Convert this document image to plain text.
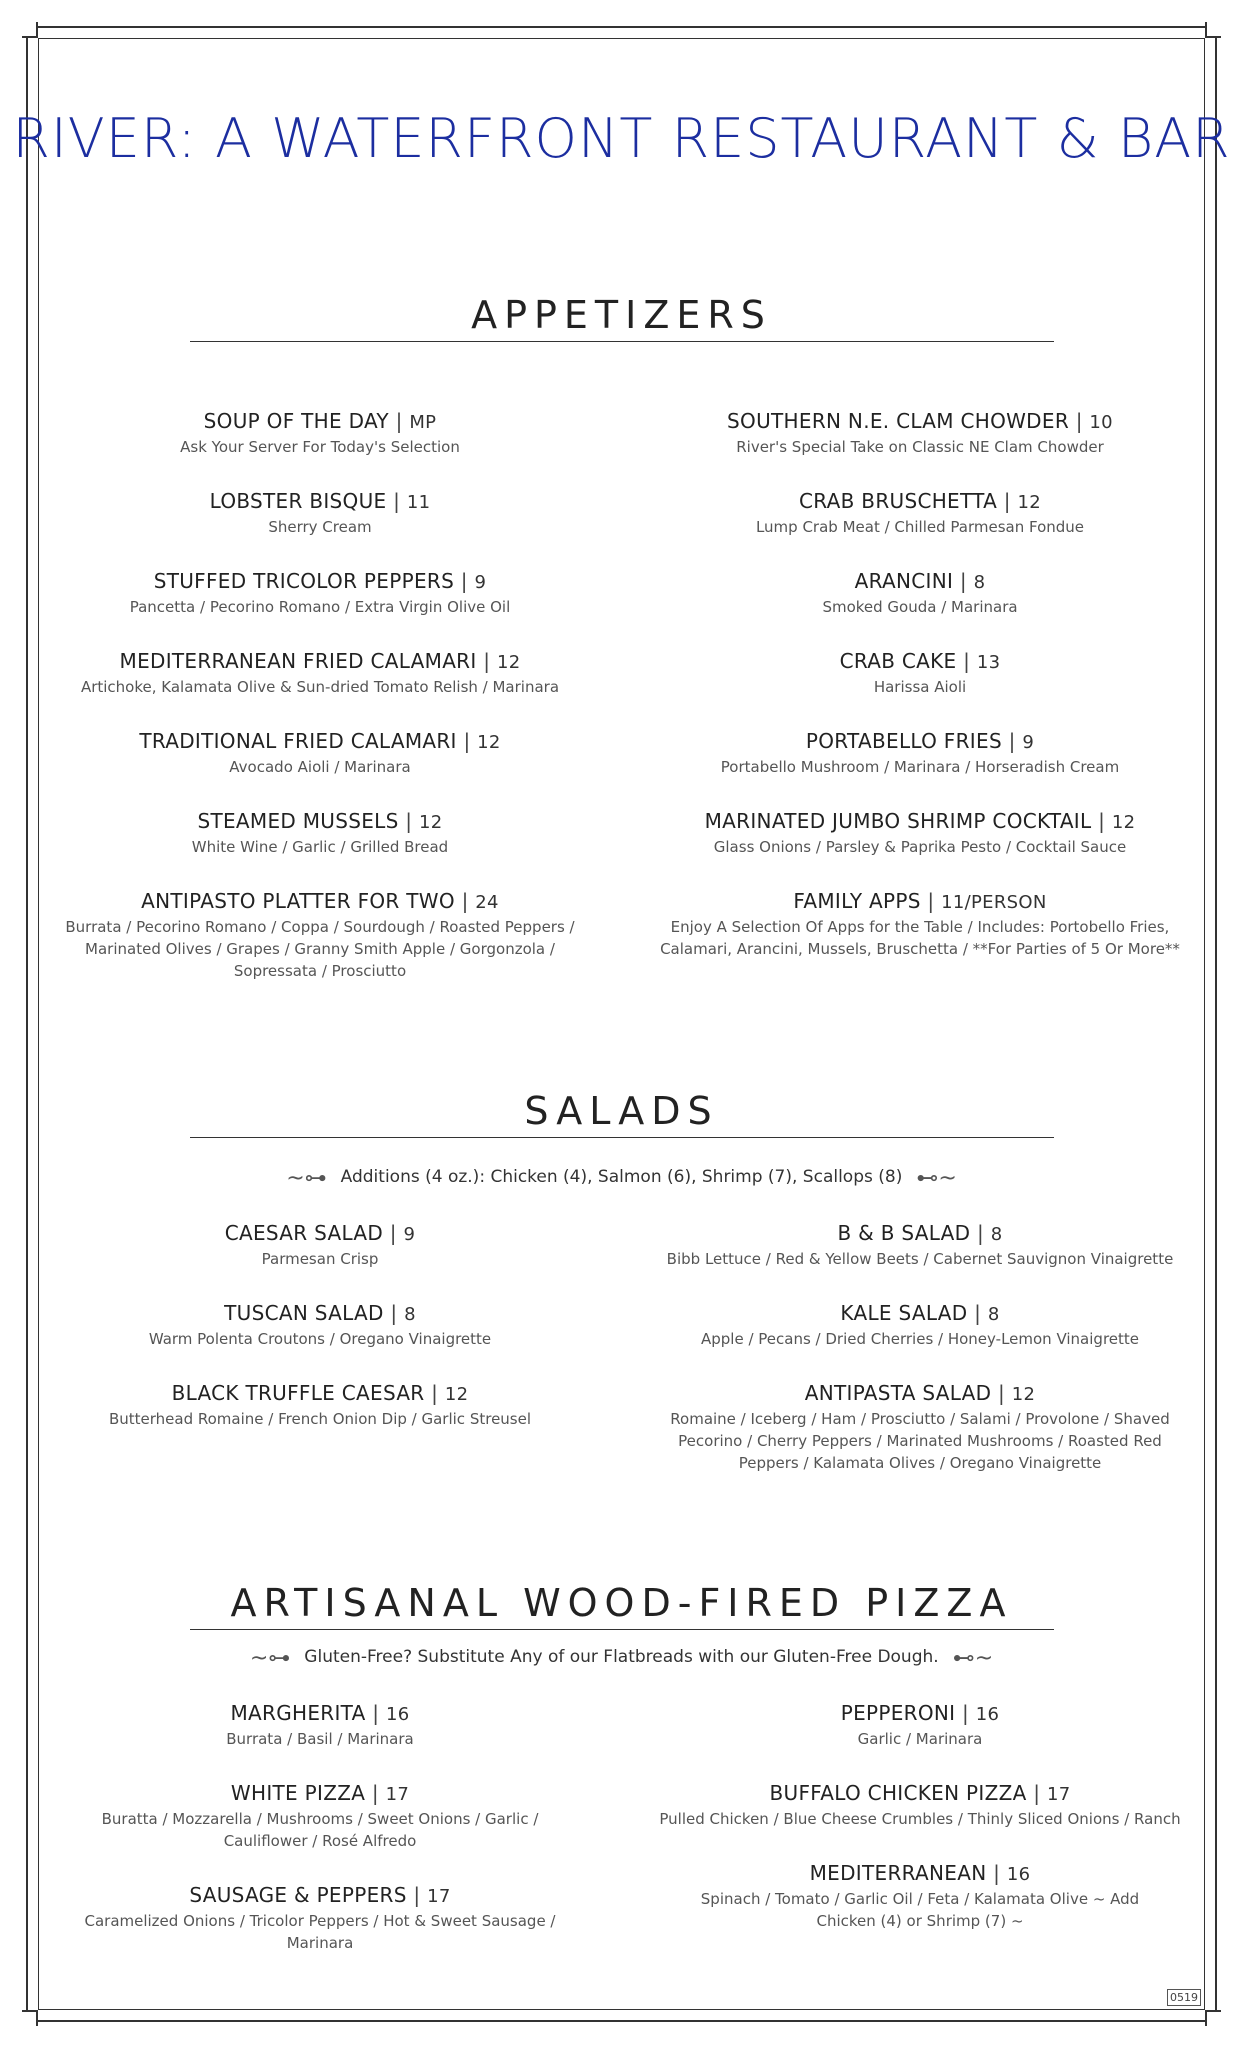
RIVER: A WATERFRONT RESTAURANT & BAR
APPETIZERS
SOUP OF THE DAY | MP
Ask Your Server For Today's Selection
LOBSTER BISQUE | 11
Sherry Cream
STUFFED TRICOLOR PEPPERS | 9
Pancetta / Pecorino Romano / Extra Virgin Olive Oil
MEDITERRANEAN FRIED CALAMARI | 12
Artichoke, Kalamata Olive & Sun-dried Tomato Relish / Marinara
TRADITIONAL FRIED CALAMARI | 12
Avocado Aioli / Marinara
STEAMED MUSSELS | 12
White Wine / Garlic / Grilled Bread
ANTIPASTO PLATTER FOR TWO | 24
Burrata / Pecorino Romano / Coppa / Sourdough / Roasted Peppers / Marinated Olives / Grapes / Granny Smith Apple / Gorgonzola / Sopressata / Prosciutto
SOUTHERN N.E. CLAM CHOWDER | 10
River's Special Take on Classic NE Clam Chowder
CRAB BRUSCHETTA | 12
Lump Crab Meat / Chilled Parmesan Fondue
ARANCINI | 8
Smoked Gouda / Marinara
CRAB CAKE | 13
Harissa Aioli
PORTABELLO FRIES | 9
Portabello Mushroom / Marinara / Horseradish Cream
MARINATED JUMBO SHRIMP COCKTAIL | 12
Glass Onions / Parsley & Paprika Pesto / Cocktail Sauce
FAMILY APPS | 11/PERSON
Enjoy A Selection Of Apps for the Table / Includes: Portobello Fries, Calamari, Arancini, Mussels, Bruschetta / **For Parties of 5 Or More**
SALADS
~⊶ Additions (4 oz.): Chicken (4), Salmon (6), Shrimp (7), Scallops (8) ⊷~
CAESAR SALAD | 9
Parmesan Crisp
TUSCAN SALAD | 8
Warm Polenta Croutons / Oregano Vinaigrette
BLACK TRUFFLE CAESAR | 12
Butterhead Romaine / French Onion Dip / Garlic Streusel
B & B SALAD | 8
Bibb Lettuce / Red & Yellow Beets / Cabernet Sauvignon Vinaigrette
KALE SALAD | 8
Apple / Pecans / Dried Cherries / Honey-Lemon Vinaigrette
ANTIPASTA SALAD | 12
Romaine / Iceberg / Ham / Prosciutto / Salami / Provolone / Shaved Pecorino / Cherry Peppers / Marinated Mushrooms / Roasted Red Peppers / Kalamata Olives / Oregano Vinaigrette
ARTISANAL WOOD-FIRED PIZZA
~⊶ Gluten-Free? Substitute Any of our Flatbreads with our Gluten-Free Dough. ⊷~
MARGHERITA | 16
Burrata / Basil / Marinara
WHITE PIZZA | 17
Buratta / Mozzarella / Mushrooms / Sweet Onions / Garlic / Cauliflower / Rosé Alfredo
SAUSAGE & PEPPERS | 17
Caramelized Onions / Tricolor Peppers / Hot & Sweet Sausage / Marinara
PEPPERONI | 16
Garlic / Marinara
BUFFALO CHICKEN PIZZA | 17
Pulled Chicken / Blue Cheese Crumbles / Thinly Sliced Onions / Ranch
MEDITERRANEAN | 16
Spinach / Tomato / Garlic Oil / Feta / Kalamata Olive ~ Add Chicken (4) or Shrimp (7) ~
0519
